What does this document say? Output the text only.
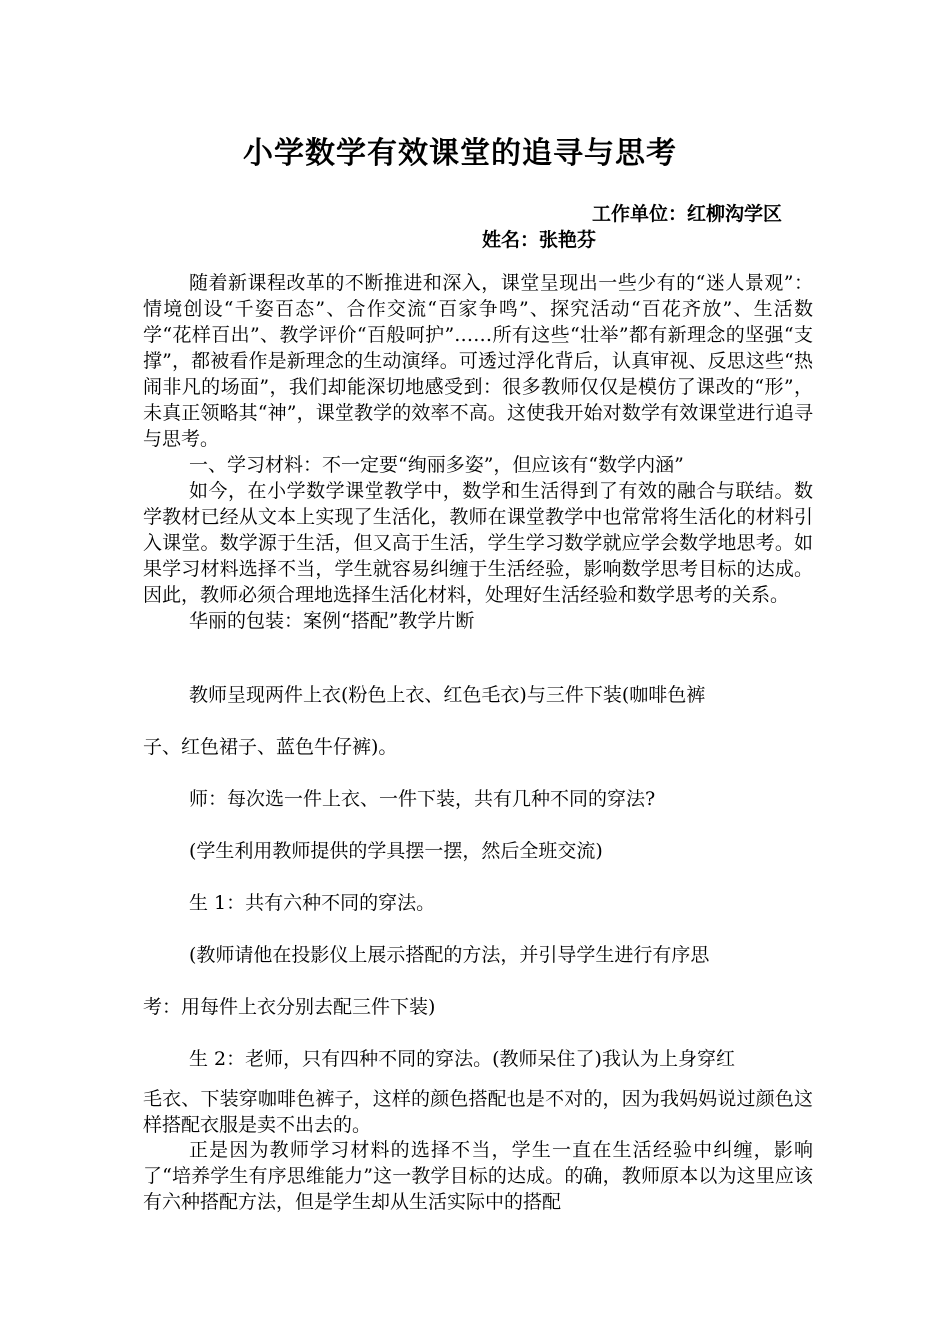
小学数学有效课堂的追寻与思考
工作单位：红柳沟学区
姓名：张艳芬

随着新课程改革的不断推进和深入，课堂呈现出一些少有的“迷人景观”：情境创设“千姿百态”、合作交流“百家争鸣”、探究活动“百花齐放”、生活数学“花样百出”、教学评价“百般呵护”……所有这些“壮举”都有新理念的坚强“支撑”，都被看作是新理念的生动演绎。可透过浮化背后，认真审视、反思这些“热闹非凡的场面”，我们却能深切地感受到：很多教师仅仅是模仿了课改的“形”，未真正领略其“神”，课堂教学的效率不高。这使我开始对数学有效课堂进行追寻与思考。

一、学习材料：不一定要“绚丽多姿”，但应该有“数学内涵”

如今，在小学数学课堂教学中，数学和生活得到了有效的融合与联结。数学教材已经从文本上实现了生活化，教师在课堂教学中也常常将生活化的材料引入课堂。数学源于生活，但又高于生活，学生学习数学就应学会数学地思考。如果学习材料选择不当，学生就容易纠缠于生活经验，影响数学思考目标的达成。因此，教师必须合理地选择生活化材料，处理好生活经验和数学思考的关系。

华丽的包装：案例“搭配”教学片断

教师呈现两件上衣(粉色上衣、红色毛衣)与三件下装(咖啡色裤

子、红色裙子、蓝色牛仔裤)。

师：每次选一件上衣、一件下装，共有几种不同的穿法?

(学生利用教师提供的学具摆一摆，然后全班交流)

生 1：共有六种不同的穿法。

(教师请他在投影仪上展示搭配的方法，并引导学生进行有序思

考：用每件上衣分别去配三件下装)

生 2：老师，只有四种不同的穿法。(教师呆住了)我认为上身穿红

毛衣、下装穿咖啡色裤子，这样的颜色搭配也是不对的，因为我妈妈说过颜色这样搭配衣服是卖不出去的。

正是因为教师学习材料的选择不当，学生一直在生活经验中纠缠，影响了“培养学生有序思维能力”这一教学目标的达成。的确，教师原本以为这里应该有六种搭配方法，但是学生却从生活实际中的搭配
